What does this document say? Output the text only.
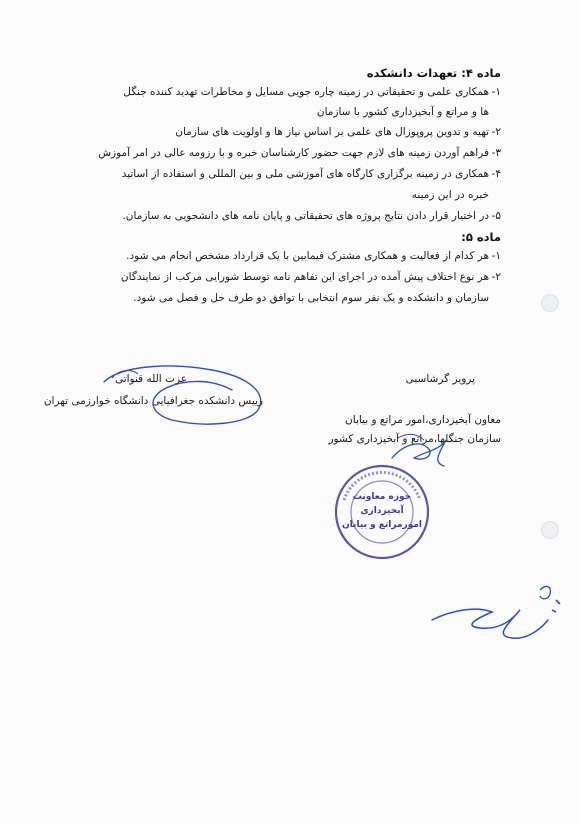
ماده ۴: تعهدات دانشکده
۱-
همکاری علمی و تحقیقاتی در زمینه چاره جویی مسایل و مخاطرات تهدید کننده جنگل
ها و مراتع و آبخیزداری کشور با سازمان
۲-
تهیه و تدوین پروپوزال های علمی بر اساس نیاز ها و اولویت های سازمان
۳-
فراهم آوردن زمینه های لازم جهت حضور کارشناسان خبره و با رزومه عالی در امر آموزش
۴-
همکاری در زمینه برگزاری کارگاه های آموزشی ملی و بین المللی و استفاده از اساتید
خبره در این زمینه
۵-
در اختیار قرار دادن نتایج پروژه های تحقیقاتی و پایان نامه های دانشجویی به سازمان.
ماده ۵:
۱-
هر کدام از فعالیت و همکاری مشترک فیمابین با یک قرارداد مشخص انجام می شود.
۲-
هر نوع اختلاف پیش آمده در اجرای این تفاهم نامه توسط شورایی مرکب از نمایندگان
سازمان و دانشکده و یک نفر سوم انتخابی با توافق دو طرف حل و فصل می شود.
عزت الله قنواتی
رییس دانشکده جغرافیایی دانشگاه خوارزمی تهران
پرویز گرشاسبی
معاون آبخیزداری،امور مراتع و بیابان
سازمان جنگلها،مراتع و آبخیزداری کشور
حوزه معاونت
آبخیزداری
امورمراتع و بیابان
